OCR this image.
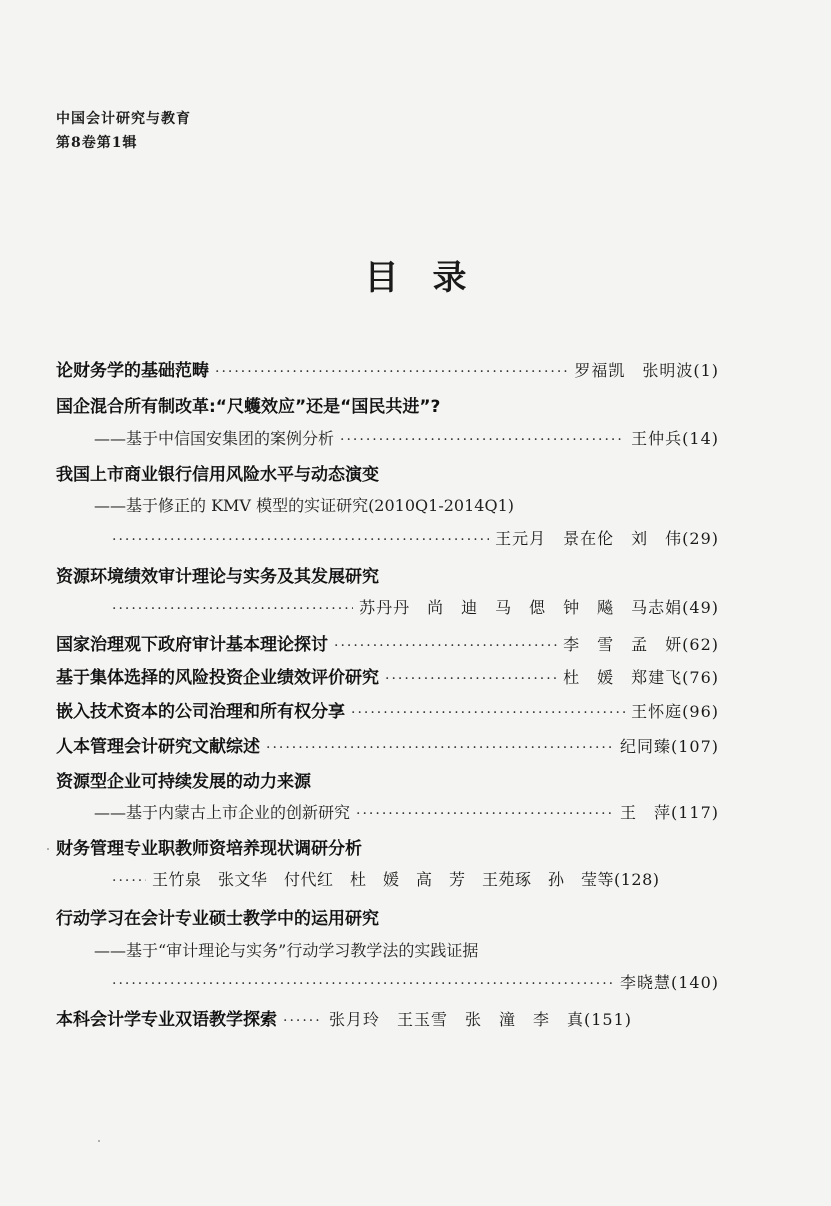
中国会计研究与教育
第8卷第1辑
目　录
论财务学的基础范畴 ·····	罗福凯　张明波(1)
国企混合所有制改革:“尺蠖效应”还是“国民共进”?
——基于中信国安集团的案例分析 ·····	王仲兵(14)
我国上市商业银行信用风险水平与动态演变
——基于修正的 KMV 模型的实证研究(2010Q1-2014Q1)
·····
王元月　景在伦　刘　伟(29)
资源环境绩效审计理论与实务及其发展研究
·····
苏丹丹　尚　迪　马　偲　钟　飚　马志娟(49)
国家治理观下政府审计基本理论探讨 ·····	李　雪　孟　妍(62)
基于集体选择的风险投资企业绩效评价研究 ·····	杜　媛　郑建飞(76)
嵌入技术资本的公司治理和所有权分享 ·····	王怀庭(96)
人本管理会计研究文献综述 ·····	纪同臻(107)
资源型企业可持续发展的动力来源
——基于内蒙古上市企业的创新研究 ·····	王　萍(117)
财务管理专业职教师资培养现状调研分析
·····
王竹泉　张文华　付代红　杜　媛　高　芳　王苑琢　孙　莹等(128)
行动学习在会计专业硕士教学中的运用研究
——基于“审计理论与实务”行动学习教学法的实践证据
·····
李晓慧(140)
本科会计学专业双语教学探索 ·····	张月玲　王玉雪　张　潼　李　真(151)
